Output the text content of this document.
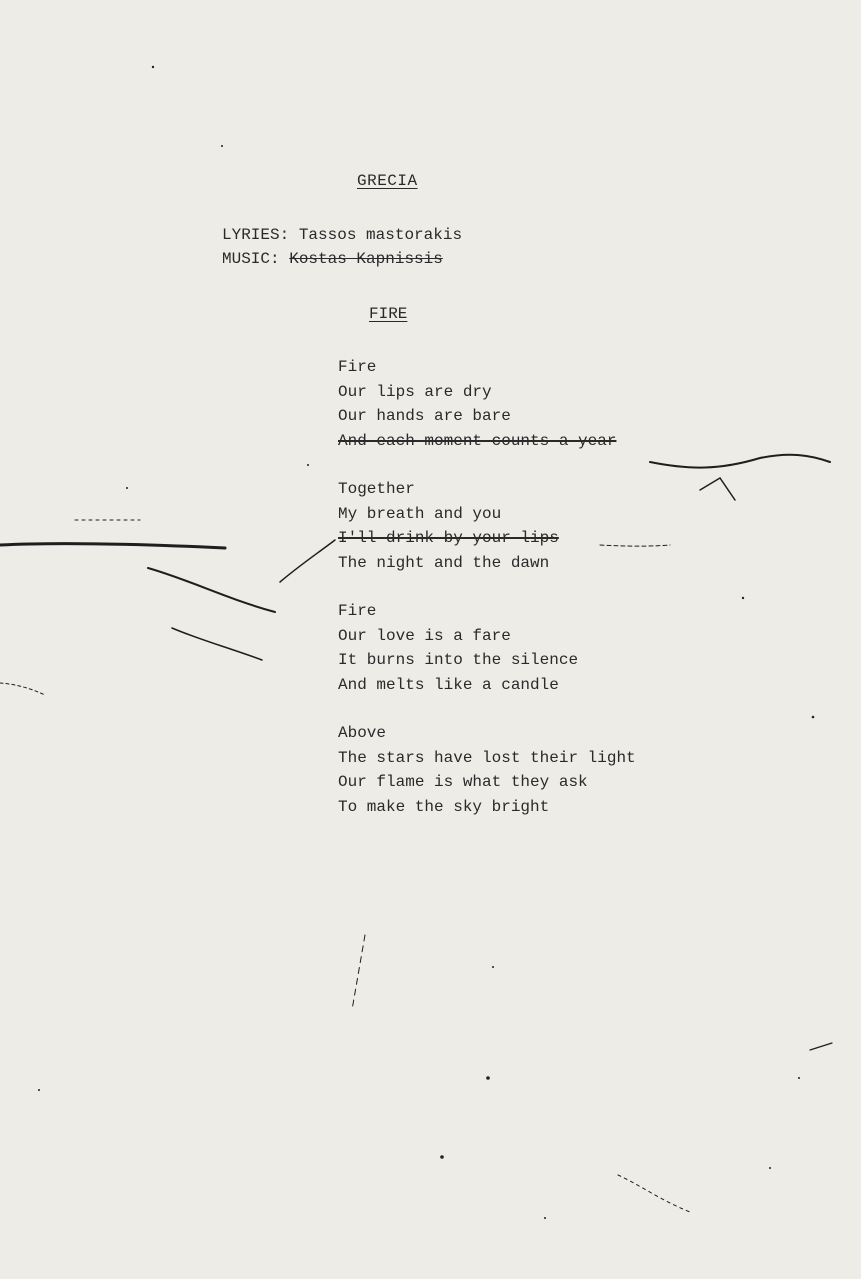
GRECIA
LYRIES: Tassos mastorakis
MUSIC: Kostas Kapnissis
FIRE
Fire
Our lips are dry
Our hands are bare
And each moment counts a year
Together
My breath and you
I'll drink by your lips
The night and the dawn
Fire
Our love is a fare
It burns into the silence
And melts like a candle
Above
The stars have lost their light
Our flame is what they ask
To make the sky bright
